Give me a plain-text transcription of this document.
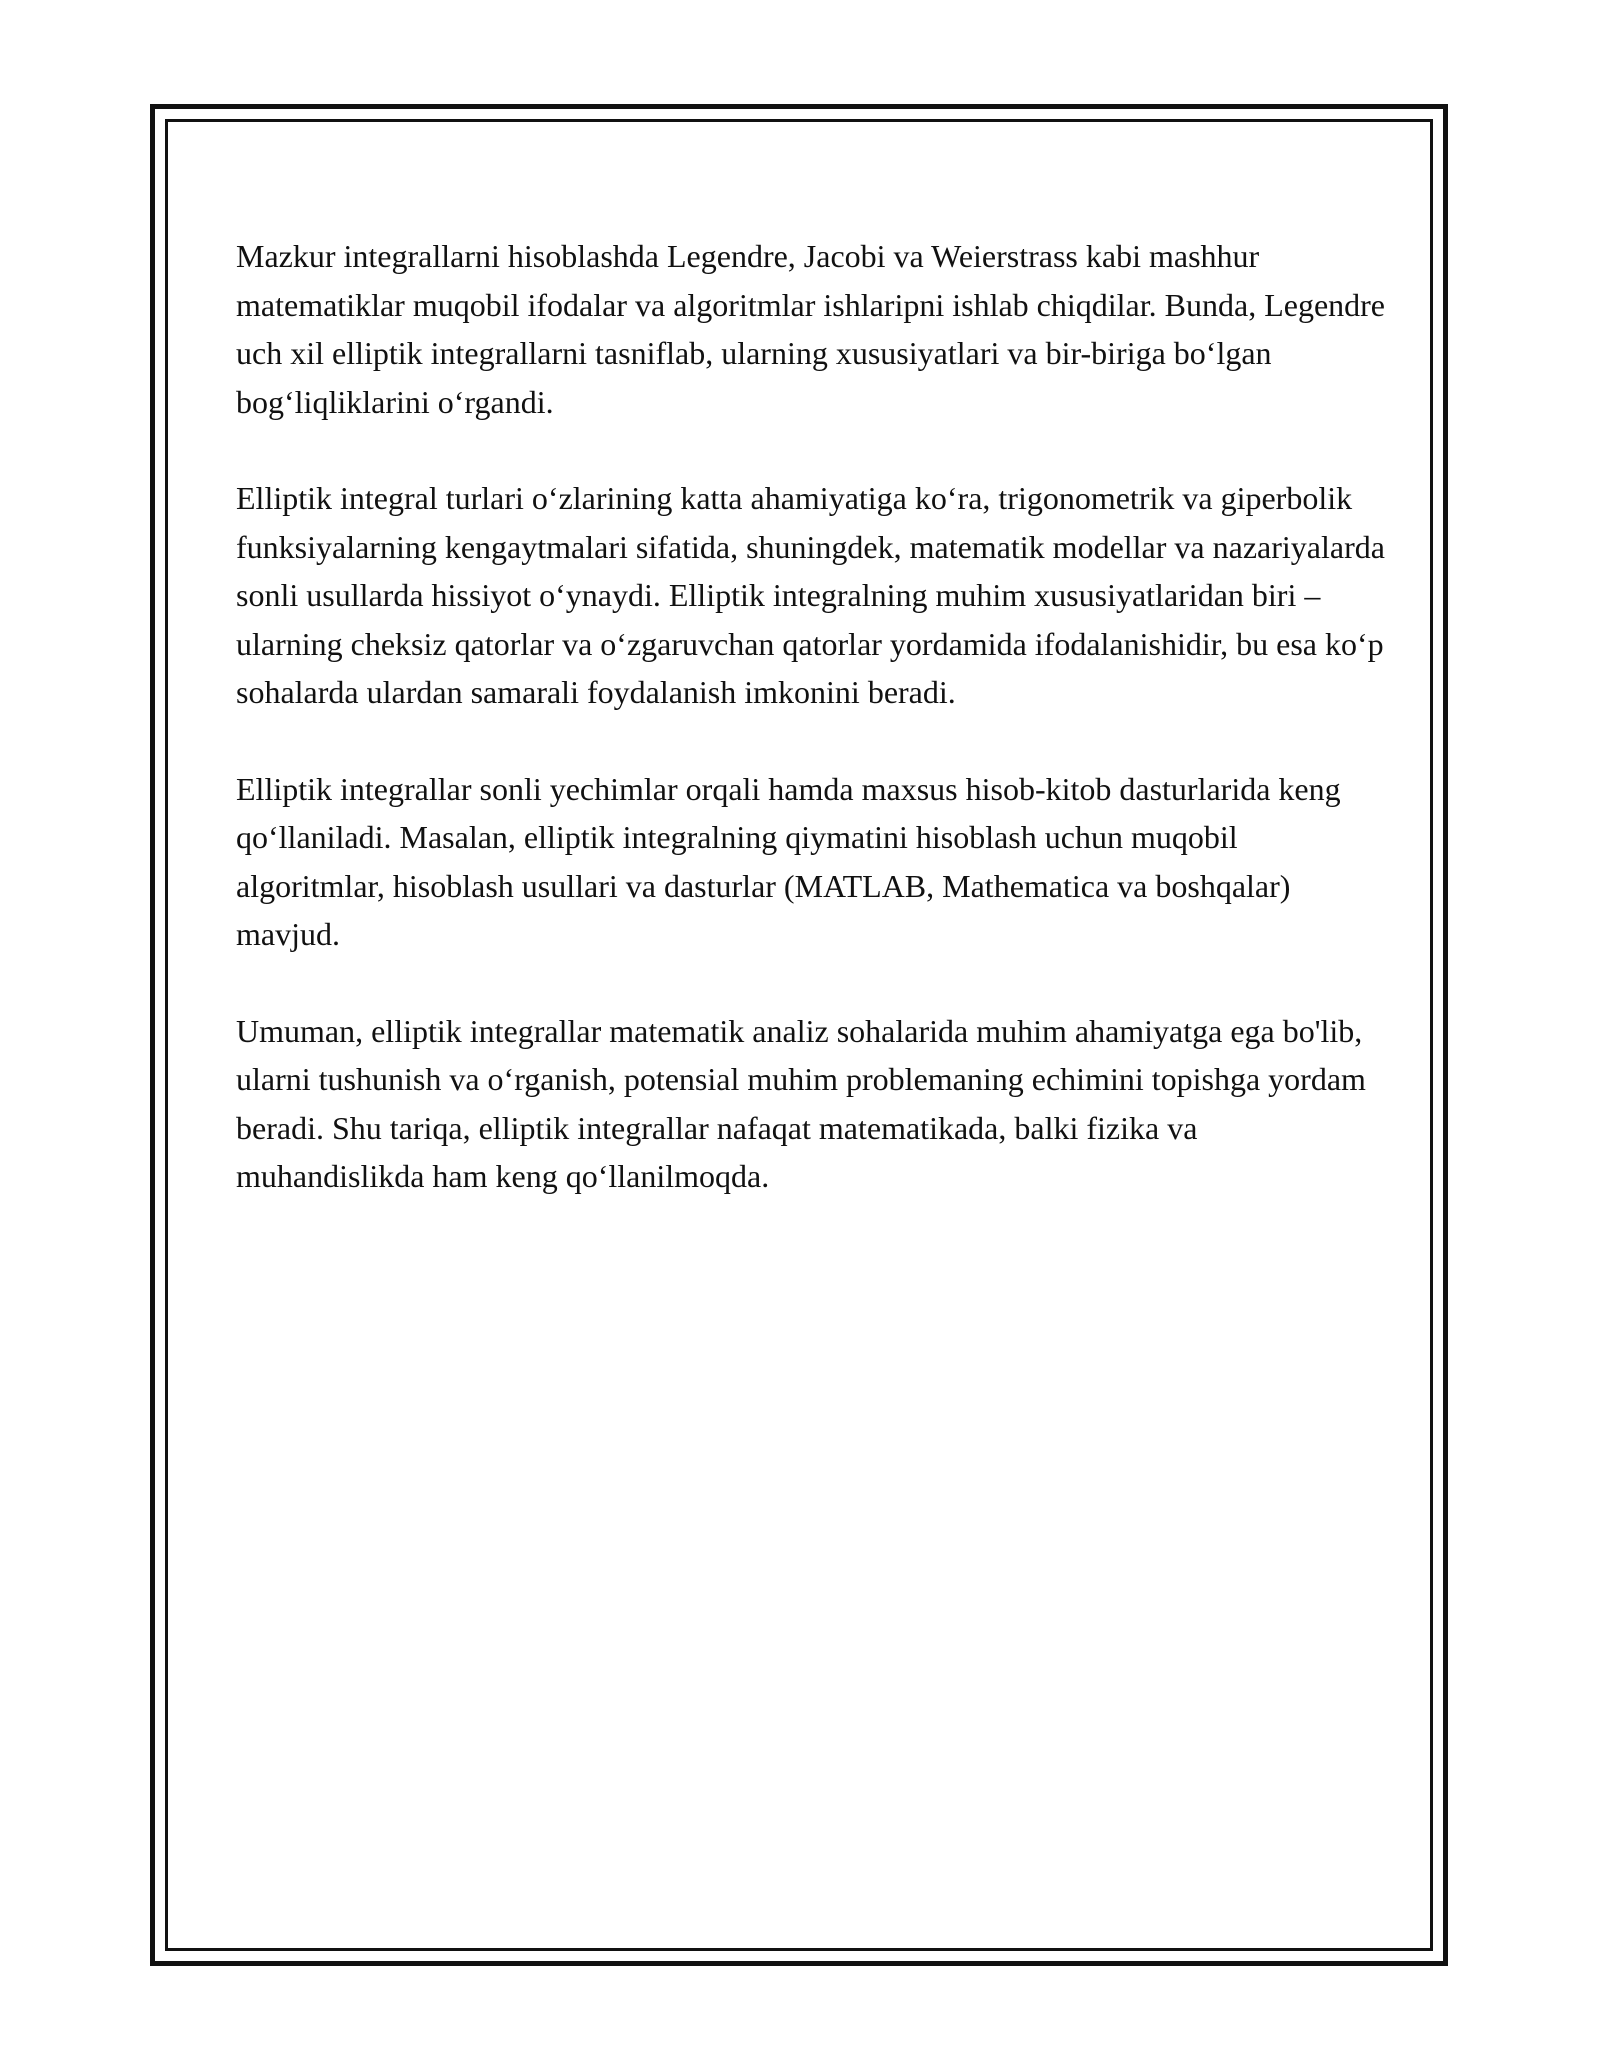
Mazkur integrallarni hisoblashda Legendre, Jacobi va Weierstrass kabi mashhur matematiklar muqobil ifodalar va algoritmlar ishlaripni ishlab chiqdilar. Bunda, Legendre uch xil elliptik integrallarni tasniflab, ularning xususiyatlari va bir-biriga bo‘lgan bog‘liqliklarini o‘rgandi.

Elliptik integral turlari o‘zlarining katta ahamiyatiga ko‘ra, trigonometrik va giperbolik funksiyalarning kengaytmalari sifatida, shuningdek, matematik modellar va nazariyalarda sonli usullarda hissiyot o‘ynaydi. Elliptik integralning muhim xususiyatlaridan biri – ularning cheksiz qatorlar va o‘zgaruvchan qatorlar yordamida ifodalanishidir, bu esa ko‘p sohalarda ulardan samarali foydalanish imkonini beradi.

Elliptik integrallar sonli yechimlar orqali hamda maxsus hisob-kitob dasturlarida keng qo‘llaniladi. Masalan, elliptik integralning qiymatini hisoblash uchun muqobil algoritmlar, hisoblash usullari va dasturlar (MATLAB, Mathematica va boshqalar) mavjud.

Umuman, elliptik integrallar matematik analiz sohalarida muhim ahamiyatga ega bo'lib, ularni tushunish va o‘rganish, potensial muhim problemaning echimini topishga yordam beradi. Shu tariqa, elliptik integrallar nafaqat matematikada, balki fizika va muhandislikda ham keng qo‘llanilmoqda.
